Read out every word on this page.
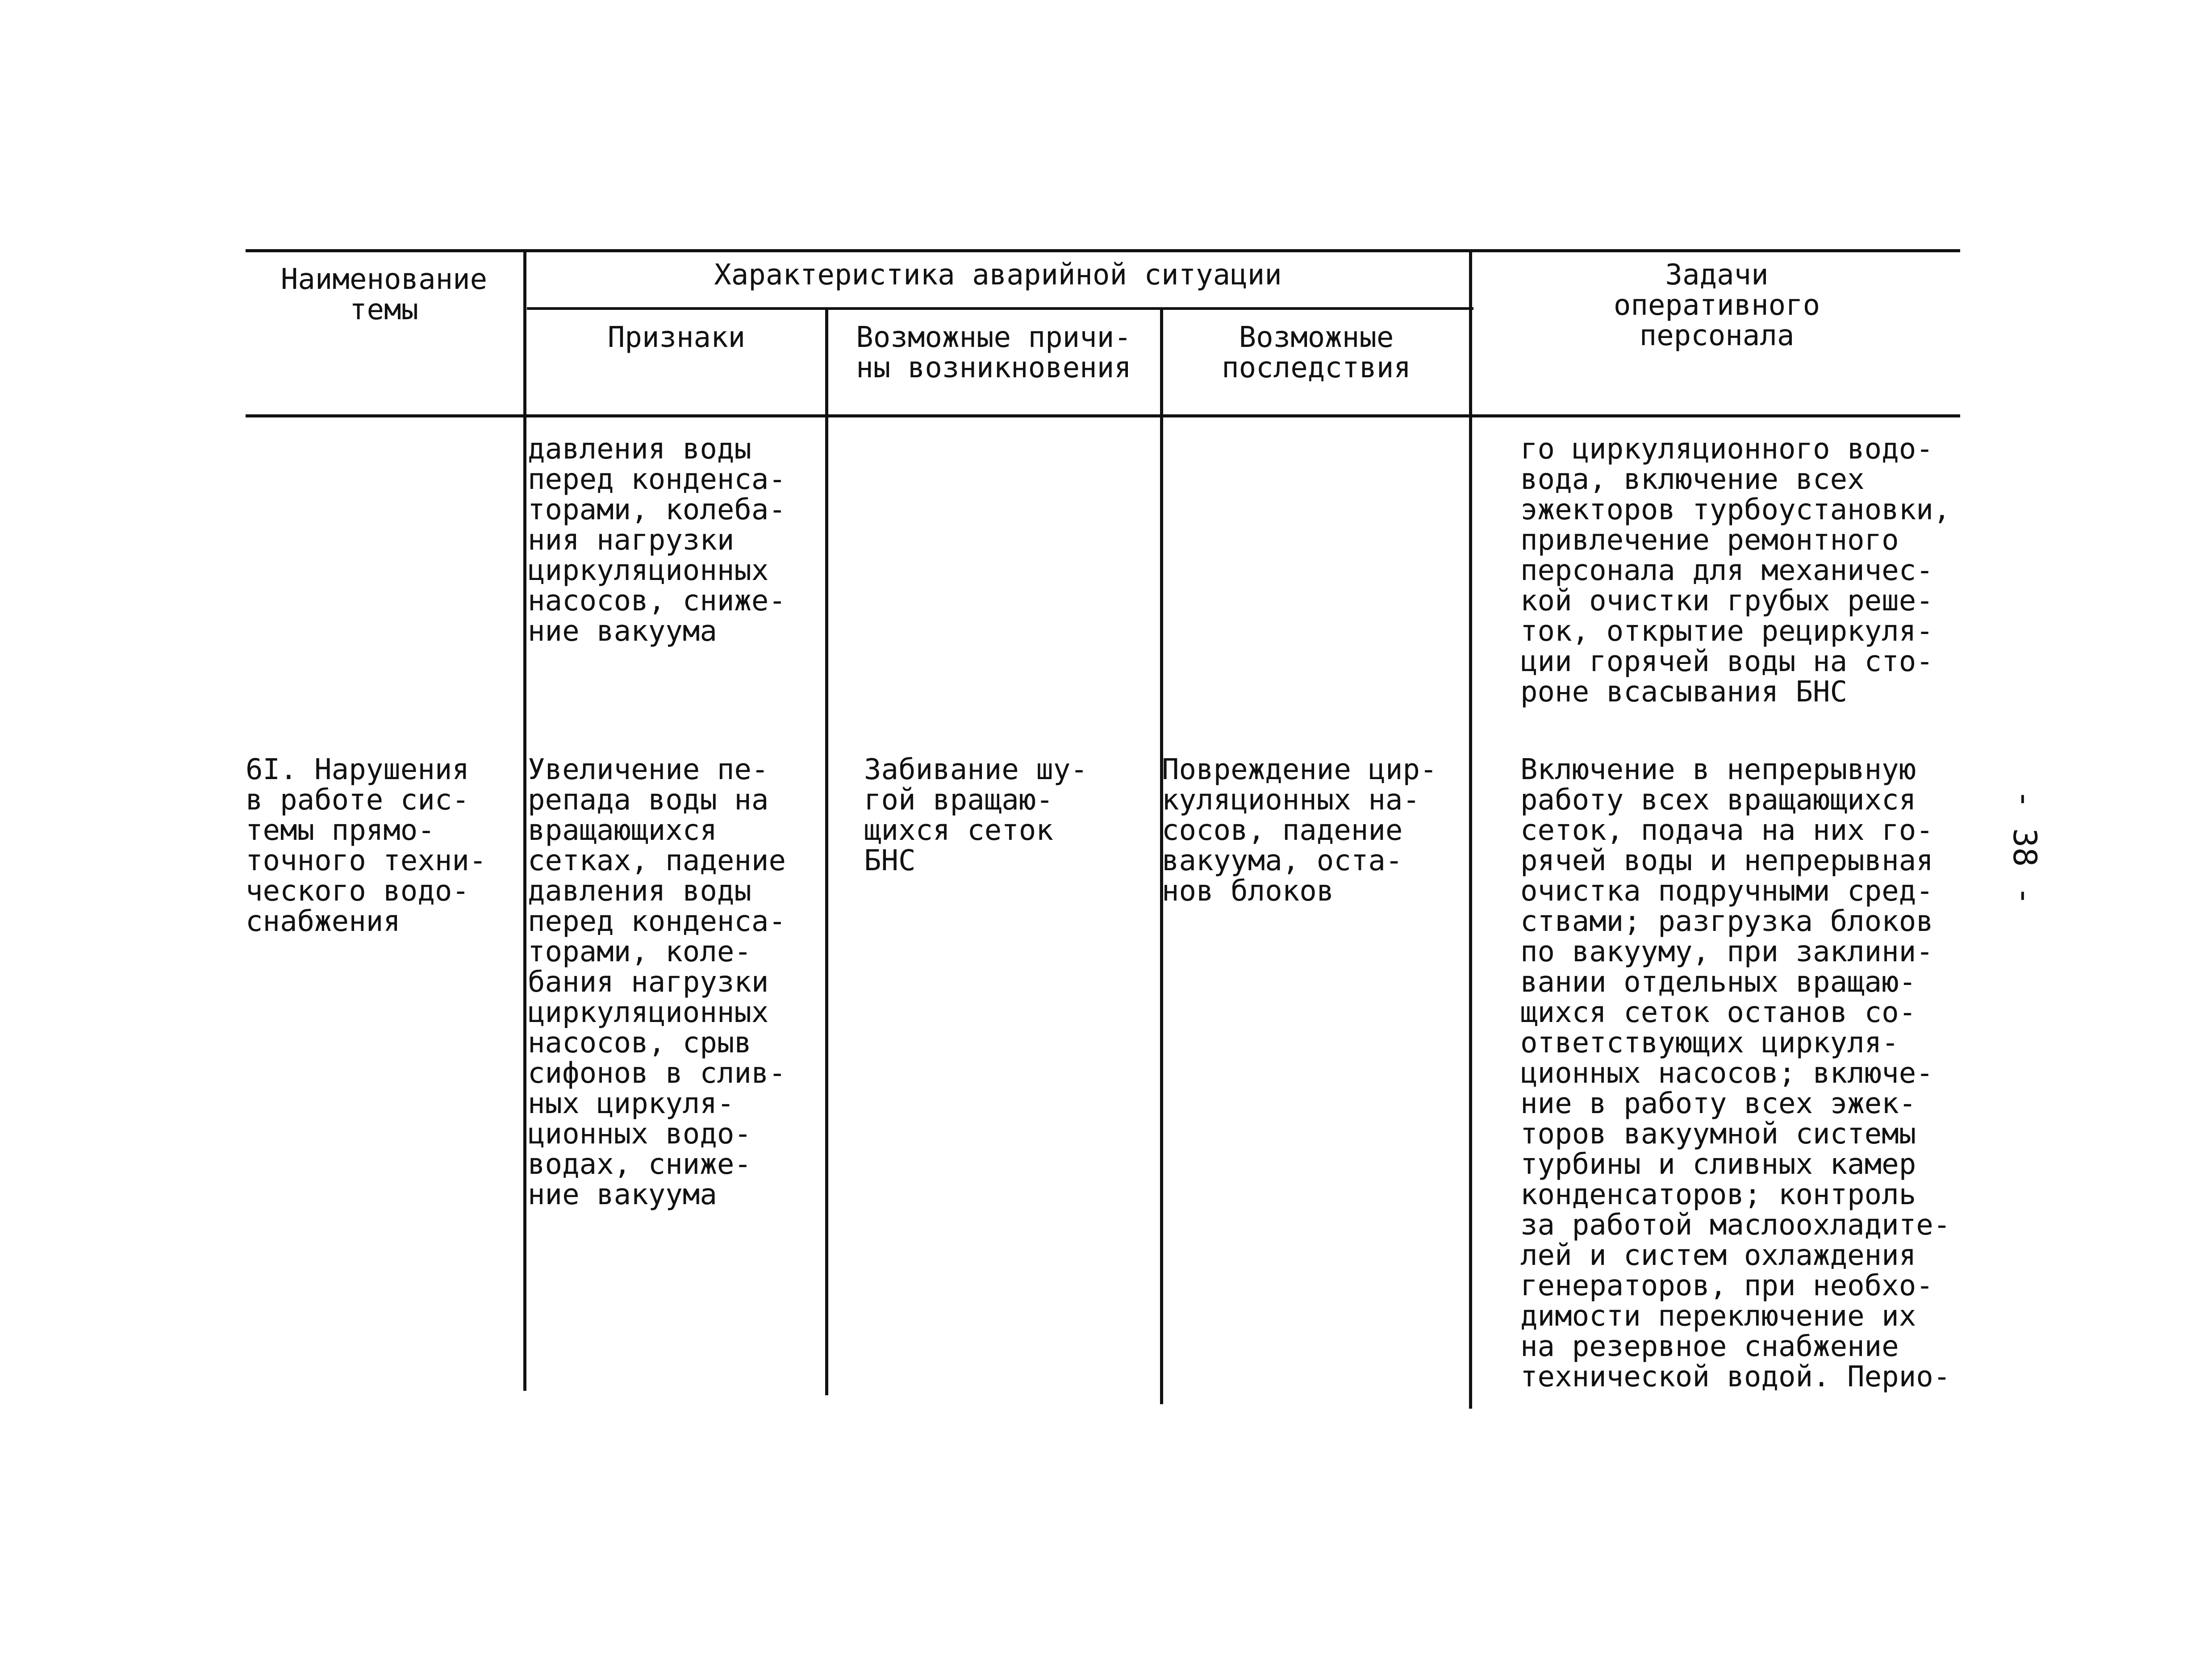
Наименование
темы
Характеристика аварийной ситуации
Признаки	Возможные причи-
ны возникновения
Возможные
последствия
Задачи
оперативного
персонала
давления воды
перед конденса-
торами, колеба-
ния нагрузки
циркуляционных
насосов, сниже-
ние вакуума
го циркуляционного водо-
вода, включение всех
эжекторов турбоустановки,
привлечение ремонтного
персонала для механичес-
кой очистки грубых реше-
ток, открытие рециркуля-
ции горячей воды на сто-
роне всасывания БНС
6I. Нарушения
в работе сис-
темы прямо-
точного техни-
ческого водо-
снабжения
Увеличение пе-
репада воды на
вращающихся
сетках, падение
давления воды
перед конденса-
торами, коле-
бания нагрузки
циркуляционных
насосов, срыв
сифонов в слив-
ных циркуля-
ционных водо-
водах, сниже-
ние вакуума
Забивание шу-
гой вращаю-
щихся сеток
БНС
Повреждение цир-
куляционных на-
сосов, падение
вакуума, оста-
нов блоков
Включение в непрерывную
работу всех вращающихся
сеток, подача на них го-
рячей воды и непрерывная
очистка подручными сред-
ствами; разгрузка блоков
по вакууму, при заклини-
вании отдельных вращаю-
щихся сеток останов со-
ответствующих циркуля-
ционных насосов; включе-
ние в работу всех эжек-
торов вакуумной системы
турбины и сливных камер
конденсаторов; контроль
за работой маслоохладите-
лей и систем охлаждения
генераторов, при необхо-
димости переключение их
на резервное снабжение
технической водой. Перио-
- 38 -
